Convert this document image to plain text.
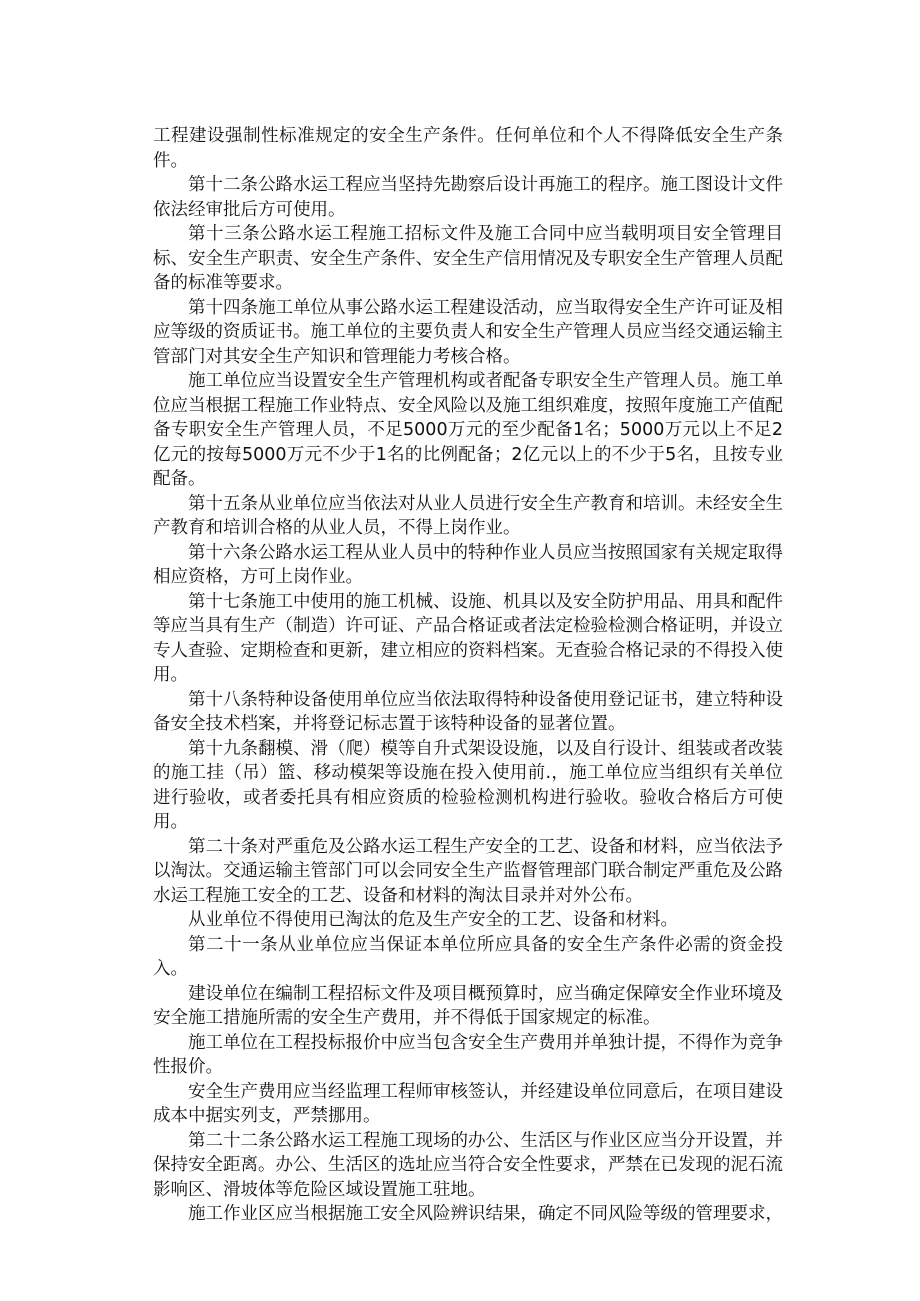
工程建设强制性标准规定的安全生产条件。任何单位和个人不得降低安全生产条件。

第十二条公路水运工程应当坚持先勘察后设计再施工的程序。施工图设计文件依法经审批后方可使用。

第十三条公路水运工程施工招标文件及施工合同中应当载明项目安全管理目标、安全生产职责、安全生产条件、安全生产信用情况及专职安全生产管理人员配备的标准等要求。

第十四条施工单位从事公路水运工程建设活动，应当取得安全生产许可证及相应等级的资质证书。施工单位的主要负责人和安全生产管理人员应当经交通运输主管部门对其安全生产知识和管理能力考核合格。

施工单位应当设置安全生产管理机构或者配备专职安全生产管理人员。施工单位应当根据工程施工作业特点、安全风险以及施工组织难度，按照年度施工产值配备专职安全生产管理人员，不足5000万元的至少配备1名；5000万元以上不足2亿元的按每5000万元不少于1名的比例配备；2亿元以上的不少于5名，且按专业配备。

第十五条从业单位应当依法对从业人员进行安全生产教育和培训。未经安全生产教育和培训合格的从业人员，不得上岗作业。

第十六条公路水运工程从业人员中的特种作业人员应当按照国家有关规定取得相应资格，方可上岗作业。

第十七条施工中使用的施工机械、设施、机具以及安全防护用品、用具和配件等应当具有生产（制造）许可证、产品合格证或者法定检验检测合格证明，并设立专人查验、定期检查和更新，建立相应的资料档案。无查验合格记录的不得投入使用。

第十八条特种设备使用单位应当依法取得特种设备使用登记证书，建立特种设备安全技术档案，并将登记标志置于该特种设备的显著位置。

第十九条翻模、滑（爬）模等自升式架设设施，以及自行设计、组装或者改装的施工挂（吊）篮、移动模架等设施在投入使用前.，施工单位应当组织有关单位进行验收，或者委托具有相应资质的检验检测机构进行验收。验收合格后方可使用。

第二十条对严重危及公路水运工程生产安全的工艺、设备和材料，应当依法予以淘汰。交通运输主管部门可以会同安全生产监督管理部门联合制定严重危及公路水运工程施工安全的工艺、设备和材料的淘汰目录并对外公布。

从业单位不得使用已淘汰的危及生产安全的工艺、设备和材料。

第二十一条从业单位应当保证本单位所应具备的安全生产条件必需的资金投入。

建设单位在编制工程招标文件及项目概预算时，应当确定保障安全作业环境及安全施工措施所需的安全生产费用，并不得低于国家规定的标准。

施工单位在工程投标报价中应当包含安全生产费用并单独计提，不得作为竞争性报价。

安全生产费用应当经监理工程师审核签认，并经建设单位同意后，在项目建设成本中据实列支，严禁挪用。

第二十二条公路水运工程施工现场的办公、生活区与作业区应当分开设置，并保持安全距离。办公、生活区的选址应当符合安全性要求，严禁在已发现的泥石流影响区、滑坡体等危险区域设置施工驻地。

施工作业区应当根据施工安全风险辨识结果，确定不同风险等级的管理要求，
